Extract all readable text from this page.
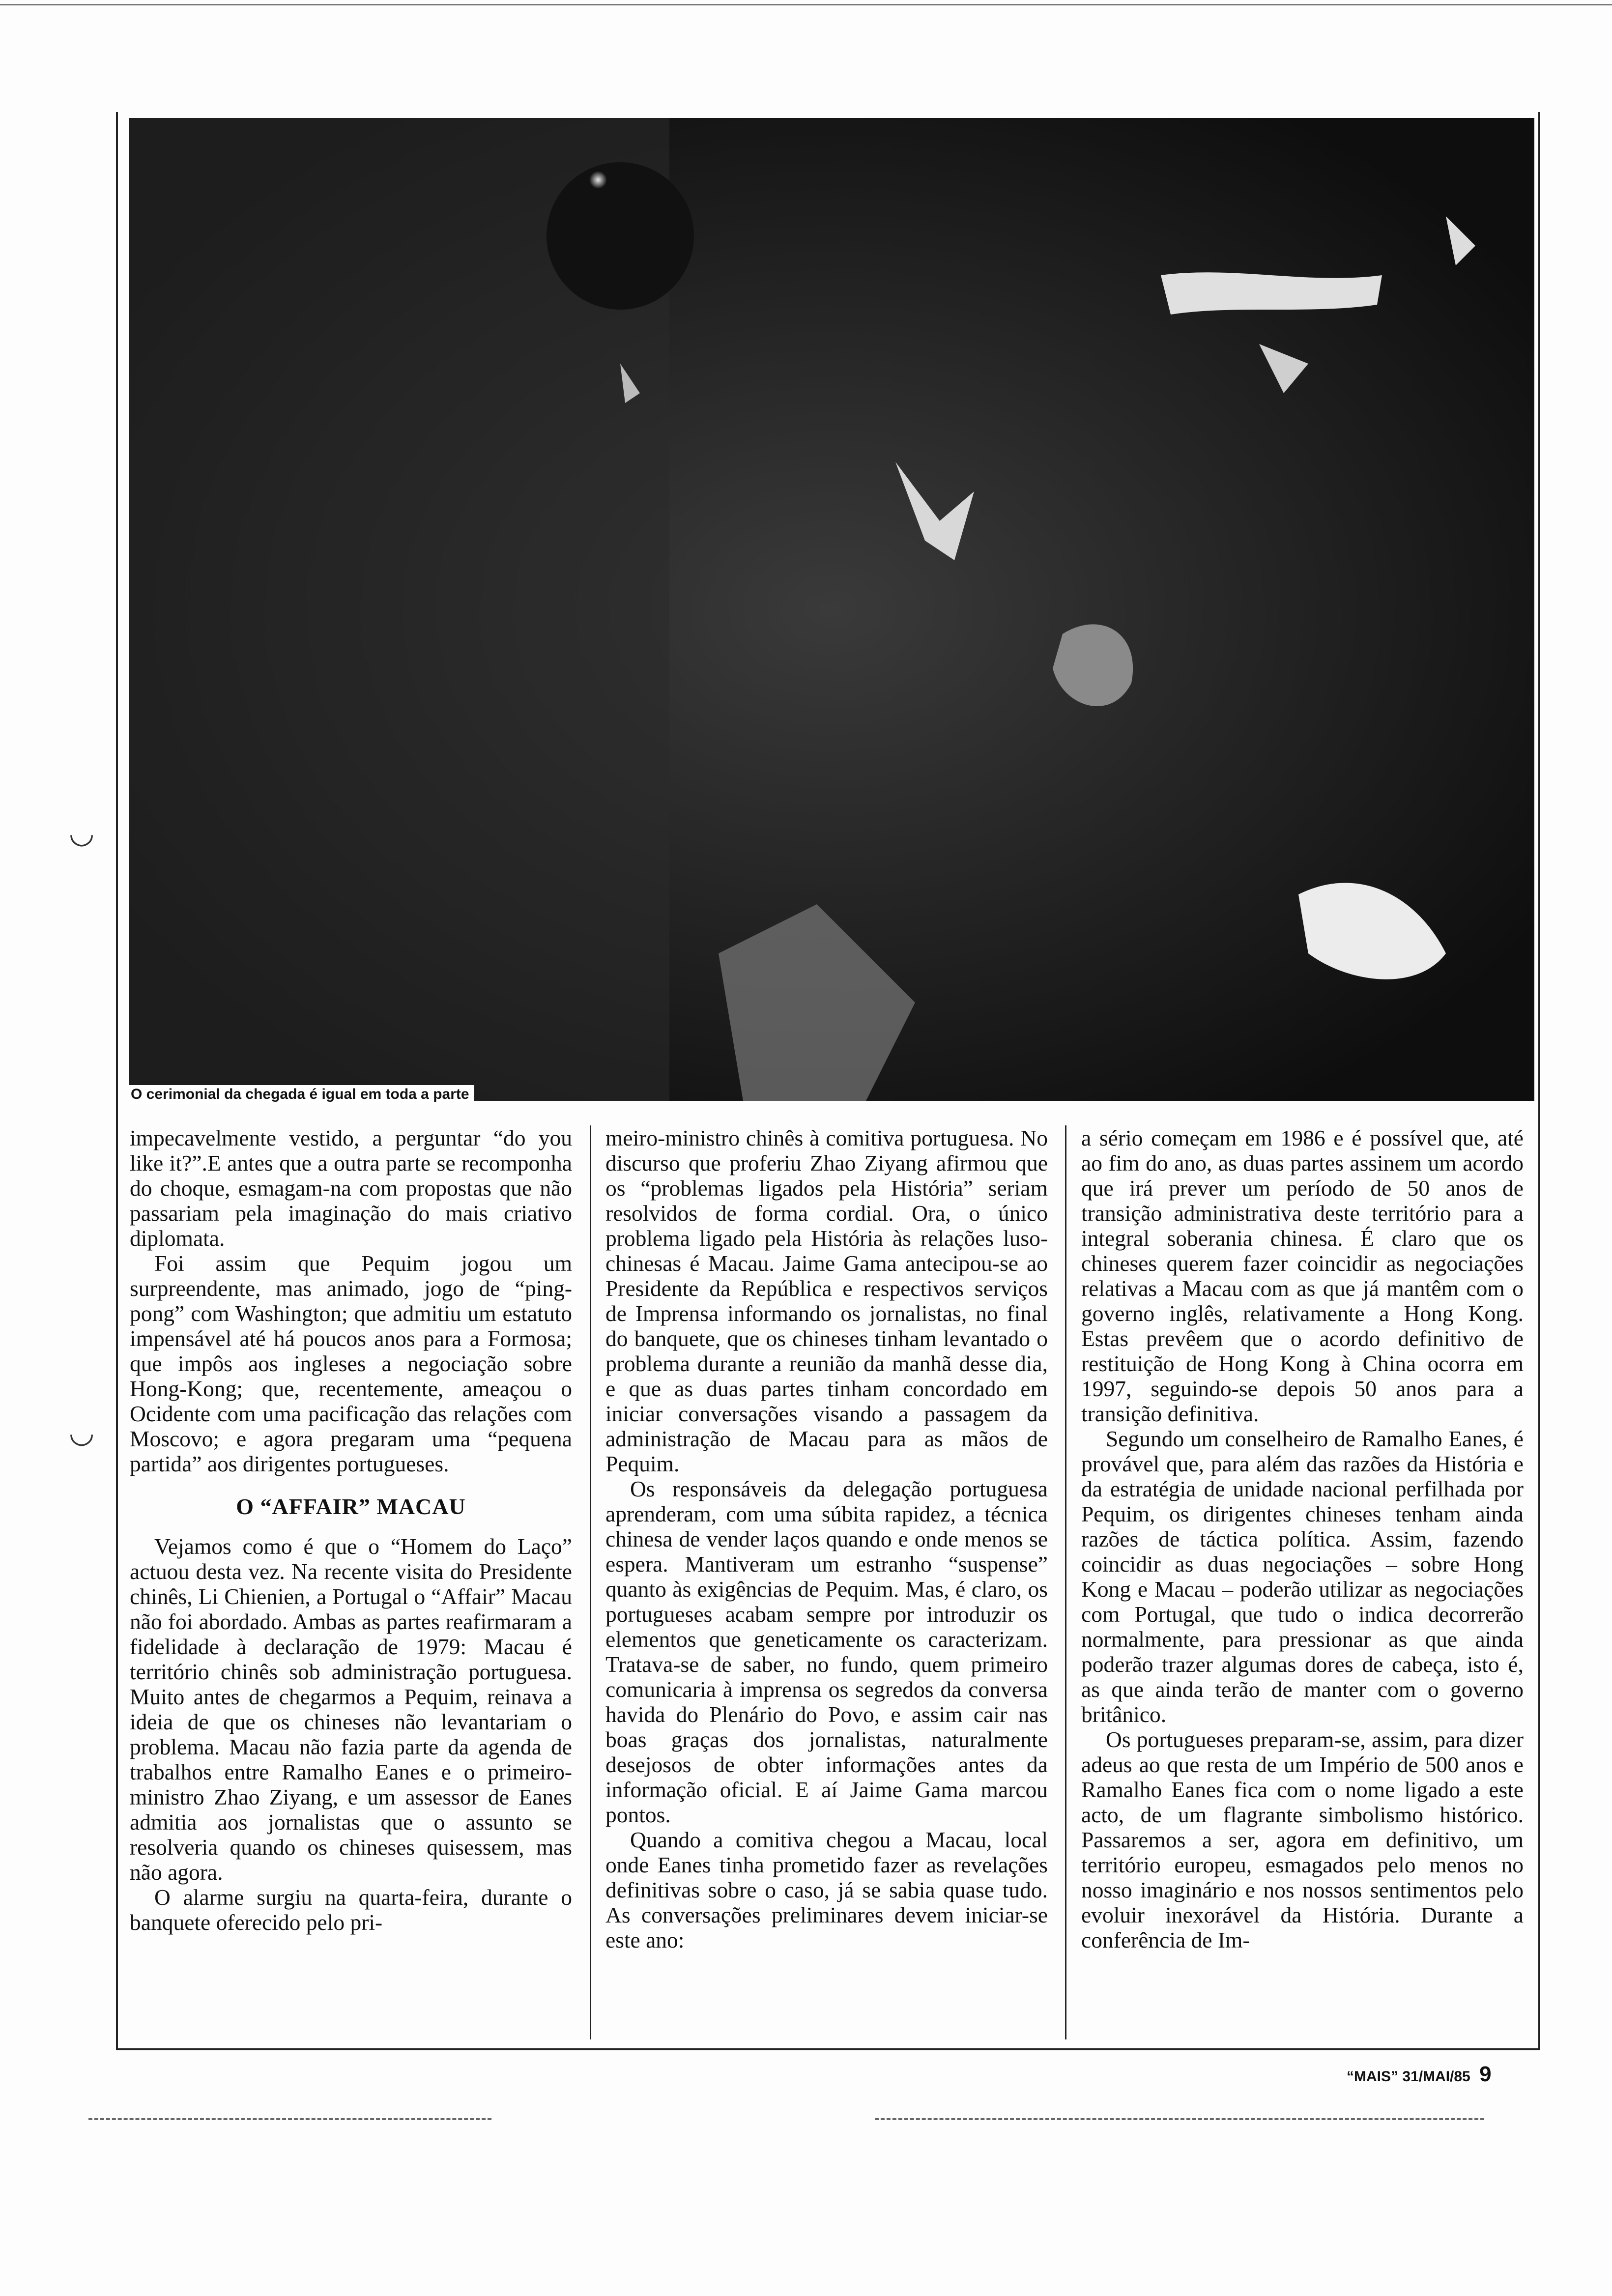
O cerimonial da chegada é igual em toda a parte

impecavelmente vestido, a perguntar “do you like it?”.E antes que a outra parte se recomponha do choque, esmagam-na com propostas que não passariam pela imaginação do mais criativo diplomata.

Foi assim que Pequim jogou um surpreendente, mas animado, jogo de “ping-pong” com Washington; que admitiu um estatuto impensável até há poucos anos para a Formosa; que impôs aos ingleses a negociação sobre Hong-Kong; que, recentemente, ameaçou o Ocidente com uma pacificação das relações com Moscovo; e agora pregaram uma “pequena partida” aos dirigentes portugueses.

O “AFFAIR” MACAU

Vejamos como é que o “Homem do Laço” actuou desta vez. Na recente visita do Presidente chinês, Li Chienien, a Portugal o “Affair” Macau não foi abordado. Ambas as partes reafirmaram a fidelidade à declaração de 1979: Macau é território chinês sob administração portuguesa. Muito antes de chegarmos a Pequim, reinava a ideia de que os chineses não levantariam o problema. Macau não fazia parte da agenda de trabalhos entre Ramalho Eanes e o primeiro-ministro Zhao Ziyang, e um assessor de Eanes admitia aos jornalistas que o assunto se resolveria quando os chineses quisessem, mas não agora.

O alarme surgiu na quarta-feira, durante o banquete oferecido pelo pri-

meiro-ministro chinês à comitiva portuguesa. No discurso que proferiu Zhao Ziyang afirmou que os “problemas ligados pela História” seriam resolvidos de forma cordial. Ora, o único problema ligado pela História às relações luso-chinesas é Macau. Jaime Gama antecipou-se ao Presidente da República e respectivos serviços de Imprensa informando os jornalistas, no final do banquete, que os chineses tinham levantado o problema durante a reunião da manhã desse dia, e que as duas partes tinham concordado em iniciar conversações visando a passagem da administração de Macau para as mãos de Pequim.

Os responsáveis da delegação portuguesa aprenderam, com uma súbita rapidez, a técnica chinesa de vender laços quando e onde menos se espera. Mantiveram um estranho “suspense” quanto às exigências de Pequim. Mas, é claro, os portugueses acabam sempre por introduzir os elementos que geneticamente os caracterizam. Tratava-se de saber, no fundo, quem primeiro comunicaria à imprensa os segredos da conversa havida do Plenário do Povo, e assim cair nas boas graças dos jornalistas, naturalmente desejosos de obter informações antes da informação oficial. E aí Jaime Gama marcou pontos.

Quando a comitiva chegou a Macau, local onde Eanes tinha prometido fazer as revelações definitivas sobre o caso, já se sabia quase tudo. As conversações preliminares devem iniciar-se este ano:

a sério começam em 1986 e é possível que, até ao fim do ano, as duas partes assinem um acordo que irá prever um período de 50 anos de transição administrativa deste território para a integral soberania chinesa. É claro que os chineses querem fazer coincidir as negociações relativas a Macau com as que já mantêm com o governo inglês, relativamente a Hong Kong. Estas prevêem que o acordo definitivo de restituição de Hong Kong à China ocorra em 1997, seguindo-se depois 50 anos para a transição definitiva.

Segundo um conselheiro de Ramalho Eanes, é provável que, para além das razões da História e da estratégia de unidade nacional perfilhada por Pequim, os dirigentes chineses tenham ainda razões de táctica política. Assim, fazendo coincidir as duas negociações – sobre Hong Kong e Macau – poderão utilizar as negociações com Portugal, que tudo o indica decorrerão normalmente, para pressionar as que ainda poderão trazer algumas dores de cabeça, isto é, as que ainda terão de manter com o governo britânico.

Os portugueses preparam-se, assim, para dizer adeus ao que resta de um Império de 500 anos e Ramalho Eanes fica com o nome ligado a este acto, de um flagrante simbolismo histórico. Passaremos a ser, agora em definitivo, um território europeu, esmagados pelo menos no nosso imaginário e nos nossos sentimentos pelo evoluir inexorável da História. Durante a conferência de Im-

“MAIS” 31/MAI/85 9
◡
◡
